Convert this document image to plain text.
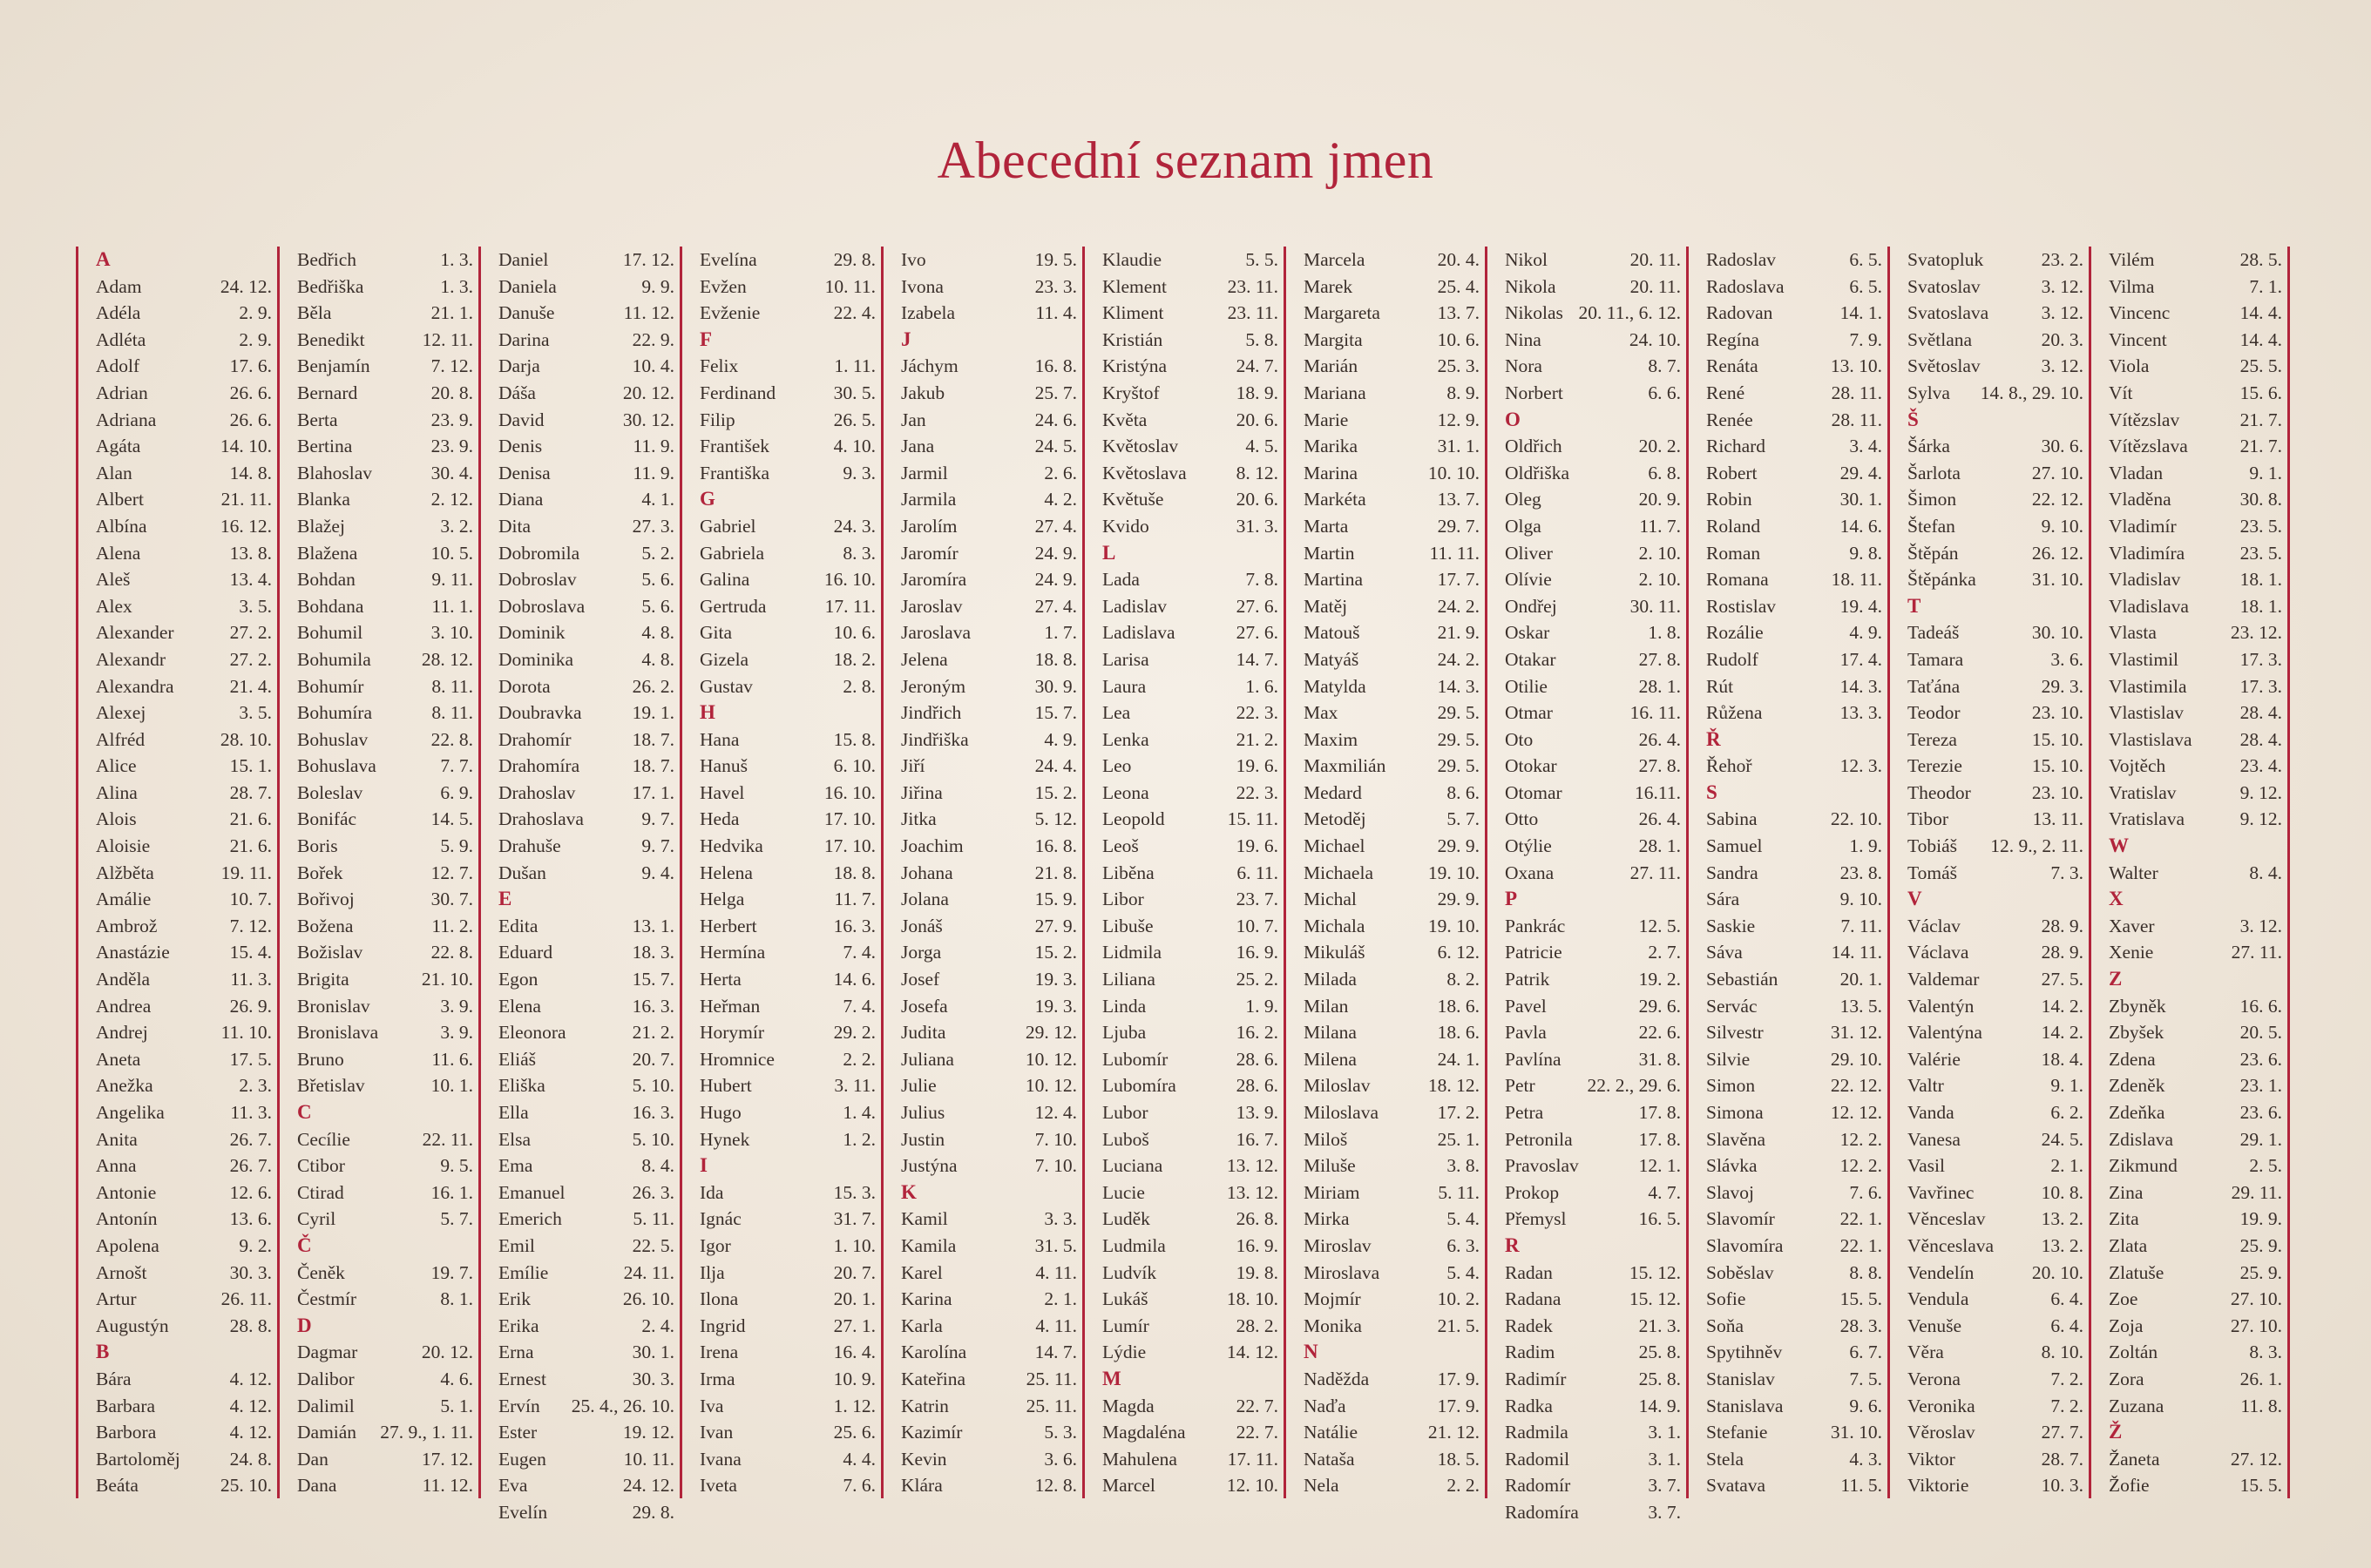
Abecední seznam jmen
A
Adam	24. 12.
Adéla	2. 9.
Adléta	2. 9.
Adolf	17. 6.
Adrian	26. 6.
Adriana	26. 6.
Agáta	14. 10.
Alan	14. 8.
Albert	21. 11.
Albína	16. 12.
Alena	13. 8.
Aleš	13. 4.
Alex	3. 5.
Alexander	27. 2.
Alexandr	27. 2.
Alexandra	21. 4.
Alexej	3. 5.
Alfréd	28. 10.
Alice	15. 1.
Alina	28. 7.
Alois	21. 6.
Aloisie	21. 6.
Alžběta	19. 11.
Amálie	10. 7.
Ambrož	7. 12.
Anastázie	15. 4.
Anděla	11. 3.
Andrea	26. 9.
Andrej	11. 10.
Aneta	17. 5.
Anežka	2. 3.
Angelika	11. 3.
Anita	26. 7.
Anna	26. 7.
Antonie	12. 6.
Antonín	13. 6.
Apolena	9. 2.
Arnošt	30. 3.
Artur	26. 11.
Augustýn	28. 8.
B
Bára	4. 12.
Barbara	4. 12.
Barbora	4. 12.
Bartoloměj	24. 8.
Beáta	25. 10.
Bedřich	1. 3.
Bedřiška	1. 3.
Běla	21. 1.
Benedikt	12. 11.
Benjamín	7. 12.
Bernard	20. 8.
Berta	23. 9.
Bertina	23. 9.
Blahoslav	30. 4.
Blanka	2. 12.
Blažej	3. 2.
Blažena	10. 5.
Bohdan	9. 11.
Bohdana	11. 1.
Bohumil	3. 10.
Bohumila	28. 12.
Bohumír	8. 11.
Bohumíra	8. 11.
Bohuslav	22. 8.
Bohuslava	7. 7.
Boleslav	6. 9.
Bonifác	14. 5.
Boris	5. 9.
Bořek	12. 7.
Bořivoj	30. 7.
Božena	11. 2.
Božislav	22. 8.
Brigita	21. 10.
Bronislav	3. 9.
Bronislava	3. 9.
Bruno	11. 6.
Břetislav	10. 1.
C
Cecílie	22. 11.
Ctibor	9. 5.
Ctirad	16. 1.
Cyril	5. 7.
Č
Čeněk	19. 7.
Čestmír	8. 1.
D
Dagmar	20. 12.
Dalibor	4. 6.
Dalimil	5. 1.
Damián 27. 9., 1. 11.
Dan	17. 12.
Dana	11. 12.
Daniel	17. 12.
Daniela	9. 9.
Danuše	11. 12.
Darina	22. 9.
Darja	10. 4.
Dáša	20. 12.
David	30. 12.
Denis	11. 9.
Denisa	11. 9.
Diana	4. 1.
Dita	27. 3.
Dobromila	5. 2.
Dobroslav	5. 6.
Dobroslava	5. 6.
Dominik	4. 8.
Dominika	4. 8.
Dorota	26. 2.
Doubravka	19. 1.
Drahomír	18. 7.
Drahomíra	18. 7.
Drahoslav	17. 1.
Drahoslava	9. 7.
Drahuše	9. 7.
Dušan	9. 4.
E
Edita	13. 1.
Eduard	18. 3.
Egon	15. 7.
Elena	16. 3.
Eleonora	21. 2.
Eliáš	20. 7.
Eliška	5. 10.
Ella	16. 3.
Elsa	5. 10.
Ema	8. 4.
Emanuel	26. 3.
Emerich	5. 11.
Emil	22. 5.
Emílie	24. 11.
Erik	26. 10.
Erika	2. 4.
Erna	30. 1.
Ernest	30. 3.
Ervín 25. 4., 26. 10.
Ester	19. 12.
Eugen	10. 11.
Eva	24. 12.
Evelín	29. 8.
Evelína	29. 8.
Evžen	10. 11.
Evženie	22. 4.
F
Felix	1. 11.
Ferdinand	30. 5.
Filip	26. 5.
František	4. 10.
Františka	9. 3.
G
Gabriel	24. 3.
Gabriela	8. 3.
Galina	16. 10.
Gertruda	17. 11.
Gita	10. 6.
Gizela	18. 2.
Gustav	2. 8.
H
Hana	15. 8.
Hanuš	6. 10.
Havel	16. 10.
Heda	17. 10.
Hedvika	17. 10.
Helena	18. 8.
Helga	11. 7.
Herbert	16. 3.
Hermína	7. 4.
Herta	14. 6.
Heřman	7. 4.
Horymír	29. 2.
Hromnice	2. 2.
Hubert	3. 11.
Hugo	1. 4.
Hynek	1. 2.
I
Ida	15. 3.
Ignác	31. 7.
Igor	1. 10.
Ilja	20. 7.
Ilona	20. 1.
Ingrid	27. 1.
Irena	16. 4.
Irma	10. 9.
Iva	1. 12.
Ivan	25. 6.
Ivana	4. 4.
Iveta	7. 6.
Ivo	19. 5.
Ivona	23. 3.
Izabela	11. 4.
J
Jáchym	16. 8.
Jakub	25. 7.
Jan	24. 6.
Jana	24. 5.
Jarmil	2. 6.
Jarmila	4. 2.
Jarolím	27. 4.
Jaromír	24. 9.
Jaromíra	24. 9.
Jaroslav	27. 4.
Jaroslava	1. 7.
Jelena	18. 8.
Jeroným	30. 9.
Jindřich	15. 7.
Jindřiška	4. 9.
Jiří	24. 4.
Jiřina	15. 2.
Jitka	5. 12.
Joachim	16. 8.
Johana	21. 8.
Jolana	15. 9.
Jonáš	27. 9.
Jorga	15. 2.
Josef	19. 3.
Josefa	19. 3.
Judita	29. 12.
Juliana	10. 12.
Julie	10. 12.
Julius	12. 4.
Justin	7. 10.
Justýna	7. 10.
K
Kamil	3. 3.
Kamila	31. 5.
Karel	4. 11.
Karina	2. 1.
Karla	4. 11.
Karolína	14. 7.
Kateřina	25. 11.
Katrin	25. 11.
Kazimír	5. 3.
Kevin	3. 6.
Klára	12. 8.
Klaudie	5. 5.
Klement	23. 11.
Kliment	23. 11.
Kristián	5. 8.
Kristýna	24. 7.
Kryštof	18. 9.
Květa	20. 6.
Květoslav	4. 5.
Květoslava	8. 12.
Květuše	20. 6.
Kvido	31. 3.
L
Lada	7. 8.
Ladislav	27. 6.
Ladislava	27. 6.
Larisa	14. 7.
Laura	1. 6.
Lea	22. 3.
Lenka	21. 2.
Leo	19. 6.
Leona	22. 3.
Leopold	15. 11.
Leoš	19. 6.
Liběna	6. 11.
Libor	23. 7.
Libuše	10. 7.
Lidmila	16. 9.
Liliana	25. 2.
Linda	1. 9.
Ljuba	16. 2.
Lubomír	28. 6.
Lubomíra	28. 6.
Lubor	13. 9.
Luboš	16. 7.
Luciana	13. 12.
Lucie	13. 12.
Luděk	26. 8.
Ludmila	16. 9.
Ludvík	19. 8.
Lukáš	18. 10.
Lumír	28. 2.
Lýdie	14. 12.
M
Magda	22. 7.
Magdaléna	22. 7.
Mahulena	17. 11.
Marcel	12. 10.
Marcela	20. 4.
Marek	25. 4.
Margareta	13. 7.
Margita	10. 6.
Marián	25. 3.
Mariana	8. 9.
Marie	12. 9.
Marika	31. 1.
Marina	10. 10.
Markéta	13. 7.
Marta	29. 7.
Martin	11. 11.
Martina	17. 7.
Matěj	24. 2.
Matouš	21. 9.
Matyáš	24. 2.
Matylda	14. 3.
Max	29. 5.
Maxim	29. 5.
Maxmilián	29. 5.
Medard	8. 6.
Metoděj	5. 7.
Michael	29. 9.
Michaela	19. 10.
Michal	29. 9.
Michala	19. 10.
Mikuláš	6. 12.
Milada	8. 2.
Milan	18. 6.
Milana	18. 6.
Milena	24. 1.
Miloslav	18. 12.
Miloslava	17. 2.
Miloš	25. 1.
Miluše	3. 8.
Miriam	5. 11.
Mirka	5. 4.
Miroslav	6. 3.
Miroslava	5. 4.
Mojmír	10. 2.
Monika	21. 5.
N
Naděžda	17. 9.
Naďa	17. 9.
Natálie	21. 12.
Nataša	18. 5.
Nela	2. 2.
Nikol	20. 11.
Nikola	20. 11.
Nikolas 20. 11., 6. 12.
Nina	24. 10.
Nora	8. 7.
Norbert	6. 6.
O
Oldřich	20. 2.
Oldřiška	6. 8.
Oleg	20. 9.
Olga	11. 7.
Oliver	2. 10.
Olívie	2. 10.
Ondřej	30. 11.
Oskar	1. 8.
Otakar	27. 8.
Otilie	28. 1.
Otmar	16. 11.
Oto	26. 4.
Otokar	27. 8.
Otomar	16.11.
Otto	26. 4.
Otýlie	28. 1.
Oxana	27. 11.
P
Pankrác	12. 5.
Patricie	2. 7.
Patrik	19. 2.
Pavel	29. 6.
Pavla	22. 6.
Pavlína	31. 8.
Petr	22. 2., 29. 6.
Petra	17. 8.
Petronila	17. 8.
Pravoslav	12. 1.
Prokop	4. 7.
Přemysl	16. 5.
R
Radan	15. 12.
Radana	15. 12.
Radek	21. 3.
Radim	25. 8.
Radimír	25. 8.
Radka	14. 9.
Radmila	3. 1.
Radomil	3. 1.
Radomír	3. 7.
Radomíra	3. 7.
Radoslav	6. 5.
Radoslava	6. 5.
Radovan	14. 1.
Regína	7. 9.
Renáta	13. 10.
René	28. 11.
Renée	28. 11.
Richard	3. 4.
Robert	29. 4.
Robin	30. 1.
Roland	14. 6.
Roman	9. 8.
Romana	18. 11.
Rostislav	19. 4.
Rozálie	4. 9.
Rudolf	17. 4.
Rút	14. 3.
Růžena	13. 3.
Ř
Řehoř	12. 3.
S
Sabina	22. 10.
Samuel	1. 9.
Sandra	23. 8.
Sára	9. 10.
Saskie	7. 11.
Sáva	14. 11.
Sebastián	20. 1.
Servác	13. 5.
Silvestr	31. 12.
Silvie	29. 10.
Simon	22. 12.
Simona	12. 12.
Slavěna	12. 2.
Slávka	12. 2.
Slavoj	7. 6.
Slavomír	22. 1.
Slavomíra	22. 1.
Soběslav	8. 8.
Sofie	15. 5.
Soňa	28. 3.
Spytihněv	6. 7.
Stanislav	7. 5.
Stanislava	9. 6.
Stefanie	31. 10.
Stela	4. 3.
Svatava	11. 5.
Svatopluk	23. 2.
Svatoslav	3. 12.
Svatoslava	3. 12.
Světlana	20. 3.
Světoslav	3. 12.
Sylva 14. 8., 29. 10.
Š
Šárka	30. 6.
Šarlota	27. 10.
Šimon	22. 12.
Štefan	9. 10.
Štěpán	26. 12.
Štěpánka	31. 10.
T
Tadeáš	30. 10.
Tamara	3. 6.
Taťána	29. 3.
Teodor	23. 10.
Tereza	15. 10.
Terezie	15. 10.
Theodor	23. 10.
Tibor	13. 11.
Tobiáš 12. 9., 2. 11.
Tomáš	7. 3.
V
Václav	28. 9.
Václava	28. 9.
Valdemar	27. 5.
Valentýn	14. 2.
Valentýna	14. 2.
Valérie	18. 4.
Valtr	9. 1.
Vanda	6. 2.
Vanesa	24. 5.
Vasil	2. 1.
Vavřinec	10. 8.
Věnceslav	13. 2.
Věnceslava	13. 2.
Vendelín	20. 10.
Vendula	6. 4.
Venuše	6. 4.
Věra	8. 10.
Verona	7. 2.
Veronika	7. 2.
Věroslav	27. 7.
Viktor	28. 7.
Viktorie	10. 3.
Vilém	28. 5.
Vilma	7. 1.
Vincenc	14. 4.
Vincent	14. 4.
Viola	25. 5.
Vít	15. 6.
Vítězslav	21. 7.
Vítězslava	21. 7.
Vladan	9. 1.
Vladěna	30. 8.
Vladimír	23. 5.
Vladimíra	23. 5.
Vladislav	18. 1.
Vladislava	18. 1.
Vlasta	23. 12.
Vlastimil	17. 3.
Vlastimila	17. 3.
Vlastislav	28. 4.
Vlastislava	28. 4.
Vojtěch	23. 4.
Vratislav	9. 12.
Vratislava	9. 12.
W
Walter	8. 4.
X
Xaver	3. 12.
Xenie	27. 11.
Z
Zbyněk	16. 6.
Zbyšek	20. 5.
Zdena	23. 6.
Zdeněk	23. 1.
Zdeňka	23. 6.
Zdislava	29. 1.
Zikmund	2. 5.
Zina	29. 11.
Zita	19. 9.
Zlata	25. 9.
Zlatuše	25. 9.
Zoe	27. 10.
Zoja	27. 10.
Zoltán	8. 3.
Zora	26. 1.
Zuzana	11. 8.
Ž
Žaneta	27. 12.
Žofie	15. 5.
